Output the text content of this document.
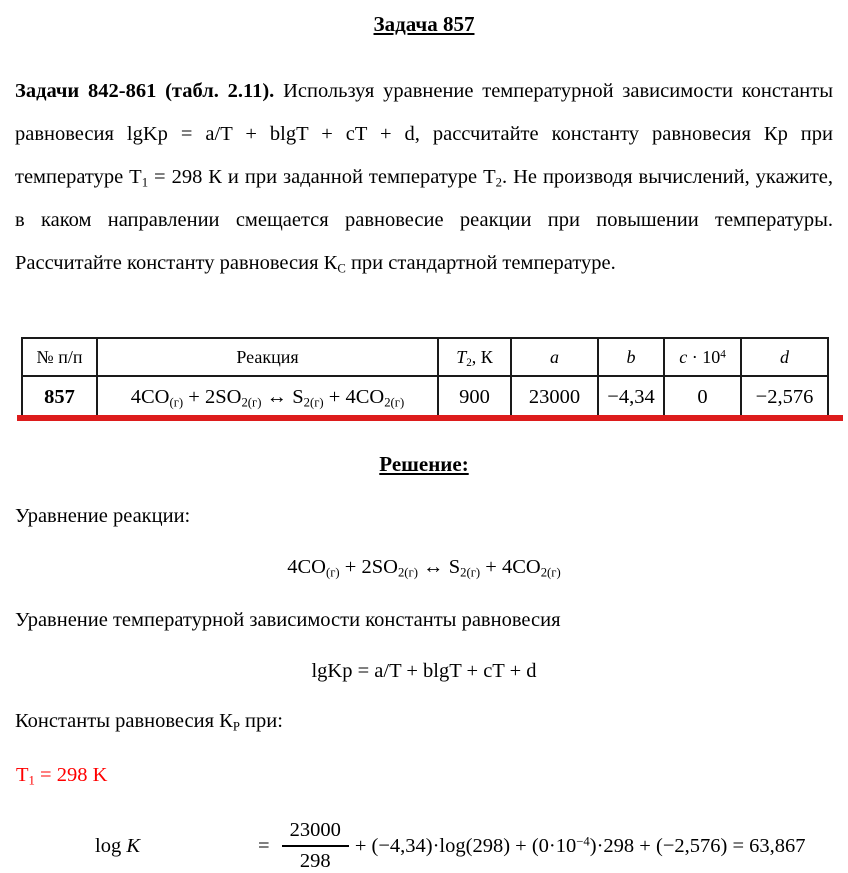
Задача 857
Задачи 842-861 (табл. 2.11). Используя уравнение температурной зависимости константы равновесия lgKp = a/T + blgT + cT + d, рассчитайте константу равновесия Кр при температуре $Т_1 = 298$ К и при заданной температуре $Т_2$. Не производя вычислений, укажите, в каком направлении смещается равновесие реакции при повышении температуры. Рассчитайте константу равновесия $К_С$ при стандартной температуре.
№ п/п	Реакция	$T_2$, К	a	b	$c \cdot 10^4$	d
857	$4CO_{(г)} + 2SO_{2(г)}$ ↔ $S_{2(г)} + 4CO_{2(г)}$	900	23000	−4,34	0	−2,576
Решение:
Уравнение реакции:
$4CO_{(г)} + 2SO_{2(г)}$ ↔ $S_{2(г)} + 4CO_{2(г)}$
Уравнение температурной зависимости константы равновесия
lgKp = a/T + blgT + cT + d
Константы равновесия $К_Р$ при:
$Т_1 = 298$ K
log K	= $\frac{23000}{298} + (-4,34)\cdot\log(298) + (0\cdot 10^{-4})\cdot 298 + (-2,576) = 63,867$
